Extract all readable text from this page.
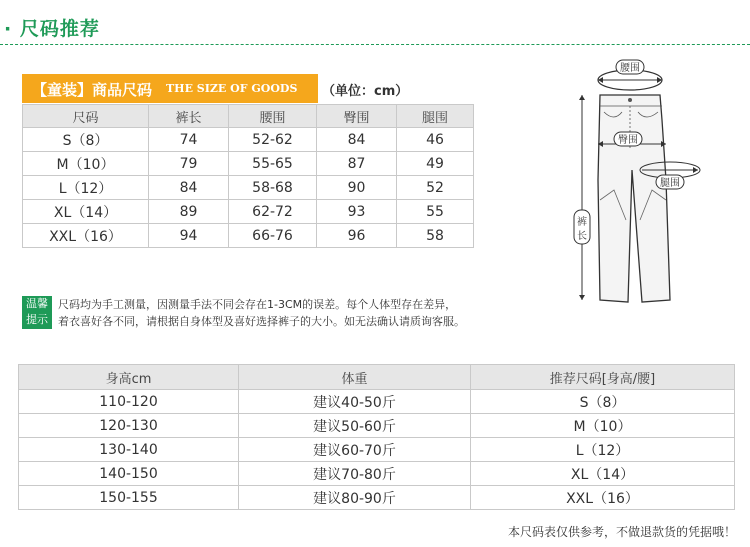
· 尺码推荐
【童装】商品尺码 THE SIZE OF GOODS （单位：cm）
尺码	裤长	腰围	臀围	腿围
S（8）	74	52-62	84	46
M（10）	79	55-65	87	49
L（12）	84	58-68	90	52
XL（14）	89	62-72	93	55
XXL（16）	94	66-76	96	58
腰围
臀围
腿围
裤
长
温馨
提示
尺码均为手工测量，因测量手法不同会存在1-3CM的误差。每个人体型存在差异，
着衣喜好各不同，请根据自身体型及喜好选择裤子的大小。如无法确认请质询客服。
身高cm	体重	推荐尺码[身高/腰]
110-120	建议40-50斤	S（8）
120-130	建议50-60斤	M（10）
130-140	建议60-70斤	L（12）
140-150	建议70-80斤	XL（14）
150-155	建议80-90斤	XXL（16）
本尺码表仅供参考，不做退款货的凭据哦！
